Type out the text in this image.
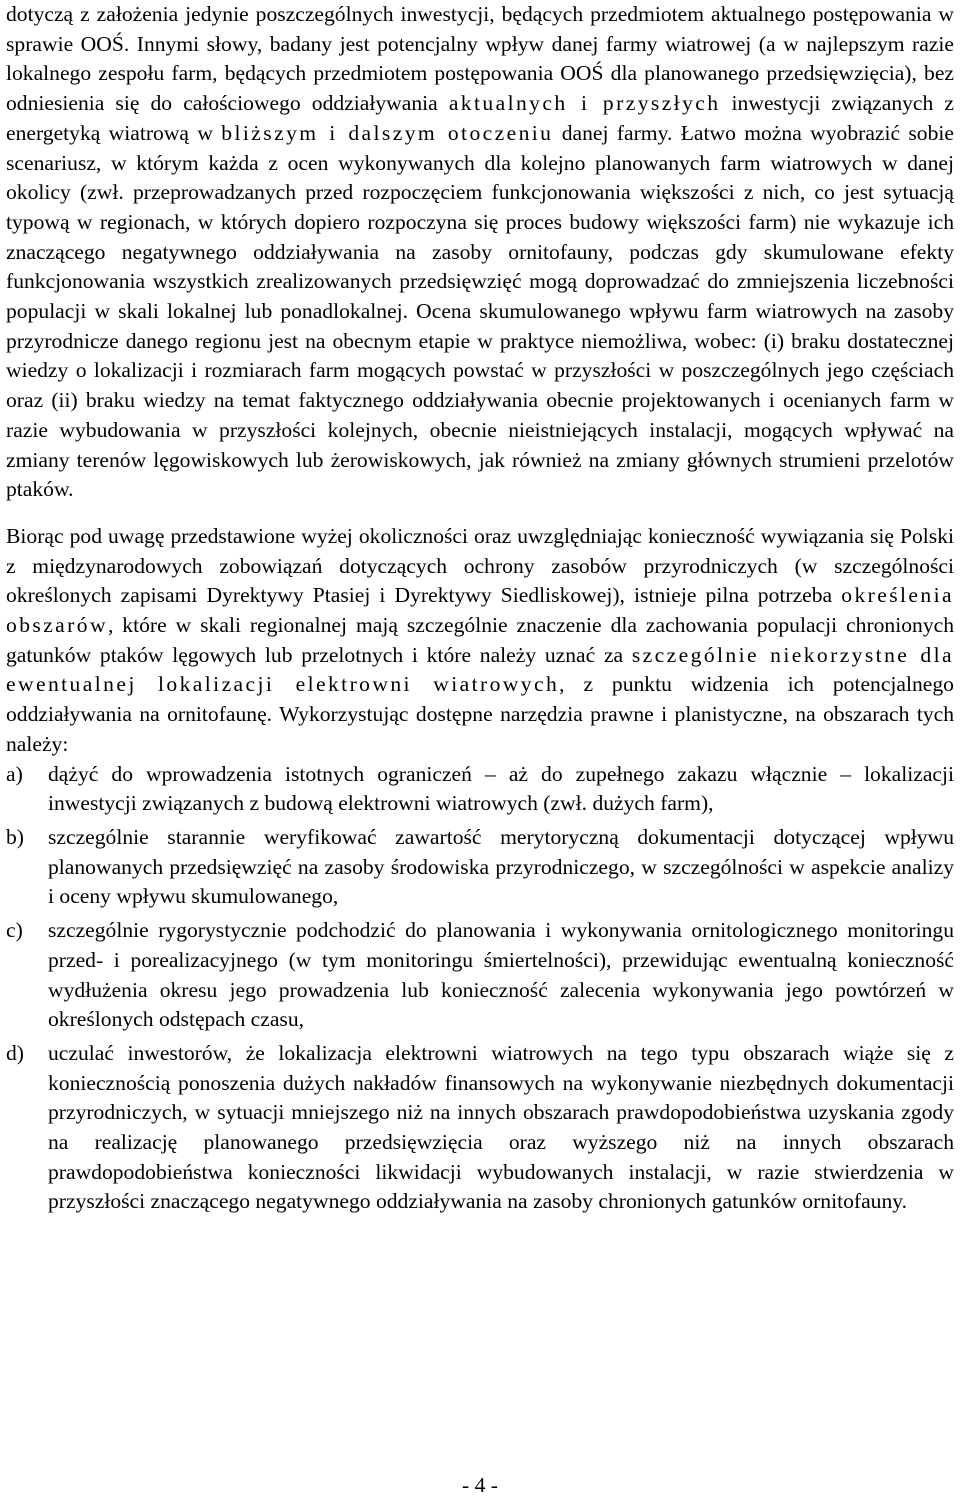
dotyczą z założenia jedynie poszczególnych inwestycji, będących przedmiotem aktualnego postępowania w sprawie OOŚ. Innymi słowy, badany jest potencjalny wpływ danej farmy wiatrowej (a w najlepszym razie lokalnego zespołu farm, będących przedmiotem postępowania OOŚ dla planowanego przedsięwzięcia), bez odniesienia się do całościowego oddziaływania aktualnych i przyszłych inwestycji związanych z energetyką wiatrową w bliższym i dalszym otoczeniu danej farmy. Łatwo można wyobrazić sobie scenariusz, w którym każda z ocen wykonywanych dla kolejno planowanych farm wiatrowych w danej okolicy (zwł. przeprowadzanych przed rozpoczęciem funkcjonowania większości z nich, co jest sytuacją typową w regionach, w których dopiero rozpoczyna się proces budowy większości farm) nie wykazuje ich znaczącego negatywnego oddziaływania na zasoby ornitofauny, podczas gdy skumulowane efekty funkcjonowania wszystkich zrealizowanych przedsięwzięć mogą doprowadzać do zmniejszenia liczebności populacji w skali lokalnej lub ponadlokalnej. Ocena skumulowanego wpływu farm wiatrowych na zasoby przyrodnicze danego regionu jest na obecnym etapie w praktyce niemożliwa, wobec: (i) braku dostatecznej wiedzy o lokalizacji i rozmiarach farm mogących powstać w przyszłości w poszczególnych jego częściach oraz (ii) braku wiedzy na temat faktycznego oddziaływania obecnie projektowanych i ocenianych farm w razie wybudowania w przyszłości kolejnych, obecnie nieistniejących instalacji, mogących wpływać na zmiany terenów lęgowiskowych lub żerowiskowych, jak również na zmiany głównych strumieni przelotów ptaków.

Biorąc pod uwagę przedstawione wyżej okoliczności oraz uwzględniając konieczność wywiązania się Polski z międzynarodowych zobowiązań dotyczących ochrony zasobów przyrodniczych (w szczególności określonych zapisami Dyrektywy Ptasiej i Dyrektywy Siedliskowej), istnieje pilna potrzeba określenia obszarów, które w skali regionalnej mają szczególnie znaczenie dla zachowania populacji chronionych gatunków ptaków lęgowych lub przelotnych i które należy uznać za szczególnie niekorzystne dla ewentualnej lokalizacji elektrowni wiatrowych, z punktu widzenia ich potencjalnego oddziaływania na ornitofaunę. Wykorzystując dostępne narzędzia prawne i planistyczne, na obszarach tych należy:

a) dążyć do wprowadzenia istotnych ograniczeń – aż do zupełnego zakazu włącznie – lokalizacji inwestycji związanych z budową elektrowni wiatrowych (zwł. dużych farm),
b) szczególnie starannie weryfikować zawartość merytoryczną dokumentacji dotyczącej wpływu planowanych przedsięwzięć na zasoby środowiska przyrodniczego, w szczególności w aspekcie analizy i oceny wpływu skumulowanego,
c) szczególnie rygorystycznie podchodzić do planowania i wykonywania ornitologicznego monitoringu przed- i porealizacyjnego (w tym monitoringu śmiertelności), przewidując ewentualną konieczność wydłużenia okresu jego prowadzenia lub konieczność zalecenia wykonywania jego powtórzeń w określonych odstępach czasu,
d) uczulać inwestorów, że lokalizacja elektrowni wiatrowych na tego typu obszarach wiąże się z koniecznością ponoszenia dużych nakładów finansowych na wykonywanie niezbędnych dokumentacji przyrodniczych, w sytuacji mniejszego niż na innych obszarach prawdopodobieństwa uzyskania zgody na realizację planowanego przedsięwzięcia oraz wyższego niż na innych obszarach prawdopodobieństwa konieczności likwidacji wybudowanych instalacji, w razie stwierdzenia w przyszłości znaczącego negatywnego oddziaływania na zasoby chronionych gatunków ornitofauny.
- 4 -
